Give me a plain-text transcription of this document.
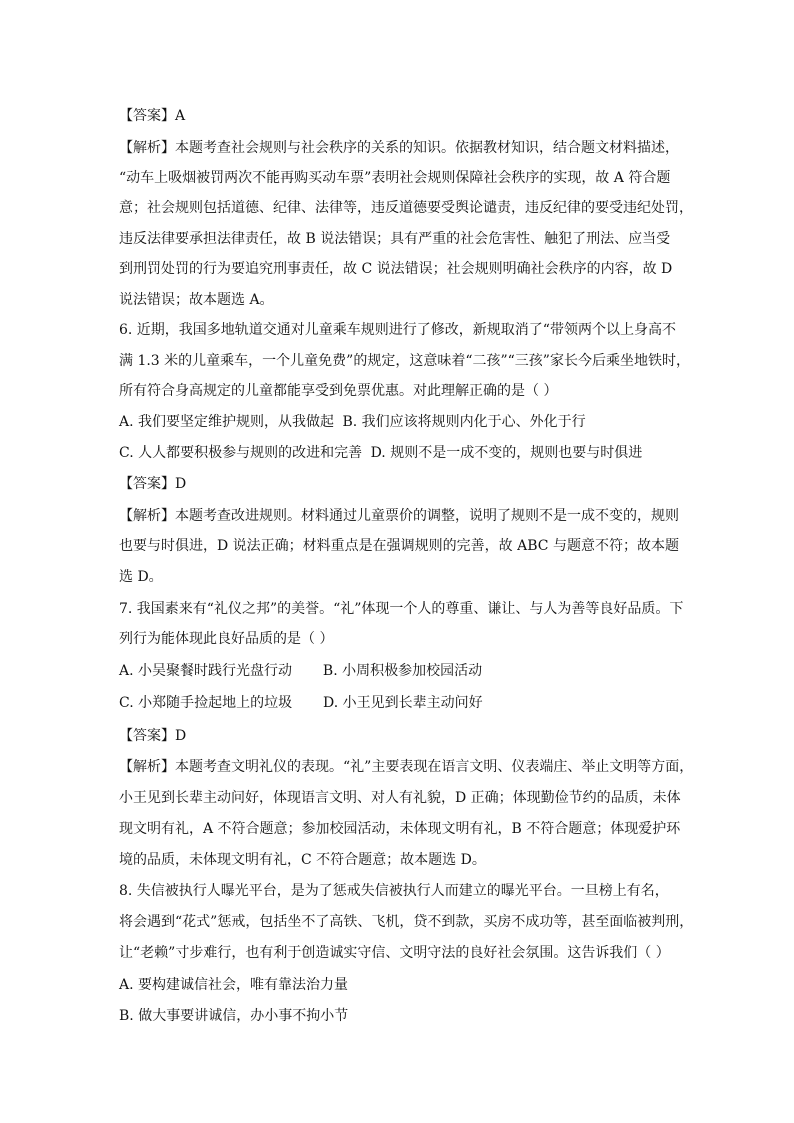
【答案】A
【解析】本题考查社会规则与社会秩序的关系的知识。依据教材知识，结合题文材料描述，
“动车上吸烟被罚两次不能再购买动车票”表明社会规则保障社会秩序的实现，故 A 符合题
意；社会规则包括道德、纪律、法律等，违反道德要受舆论谴责，违反纪律的要受违纪处罚，
违反法律要承担法律责任，故 B 说法错误；具有严重的社会危害性、触犯了刑法、应当受
到刑罚处罚的行为要追究刑事责任，故 C 说法错误；社会规则明确社会秩序的内容，故 D
说法错误；故本题选 A。
6. 近期，我国多地轨道交通对儿童乘车规则进行了修改，新规取消了“带领两个以上身高不
满 1.3 米的儿童乘车，一个儿童免费”的规定，这意味着“二孩”“三孩”家长今后乘坐地铁时，
所有符合身高规定的儿童都能享受到免票优惠。对此理解正确的是（ ）
A. 我们要坚定维护规则，从我做起 B. 我们应该将规则内化于心、外化于行
C. 人人都要积极参与规则的改进和完善 D. 规则不是一成不变的，规则也要与时俱进
【答案】D
【解析】本题考查改进规则。材料通过儿童票价的调整，说明了规则不是一成不变的，规则
也要与时俱进，D 说法正确；材料重点是在强调规则的完善，故 ABC 与题意不符；故本题
选 D。
7. 我国素来有“礼仪之邦”的美誉。“礼”体现一个人的尊重、谦让、与人为善等良好品质。下
列行为能体现此良好品质的是（ ）
A. 小吴聚餐时践行光盘行动 B. 小周积极参加校园活动
C. 小郑随手捡起地上的垃圾 D. 小王见到长辈主动问好
【答案】D
【解析】本题考查文明礼仪的表现。“礼”主要表现在语言文明、仪表端庄、举止文明等方面，
小王见到长辈主动问好，体现语言文明、对人有礼貌，D 正确；体现勤俭节约的品质，未体
现文明有礼，A 不符合题意；参加校园活动，未体现文明有礼，B 不符合题意；体现爱护环
境的品质，未体现文明有礼，C 不符合题意；故本题选 D。
8. 失信被执行人曝光平台，是为了惩戒失信被执行人而建立的曝光平台。一旦榜上有名，
将会遇到“花式”惩戒，包括坐不了高铁、飞机，贷不到款，买房不成功等，甚至面临被判刑，
让“老赖”寸步难行，也有利于创造诚实守信、文明守法的良好社会氛围。这告诉我们（ ）
A. 要构建诚信社会，唯有靠法治力量
B. 做大事要讲诚信，办小事不拘小节
